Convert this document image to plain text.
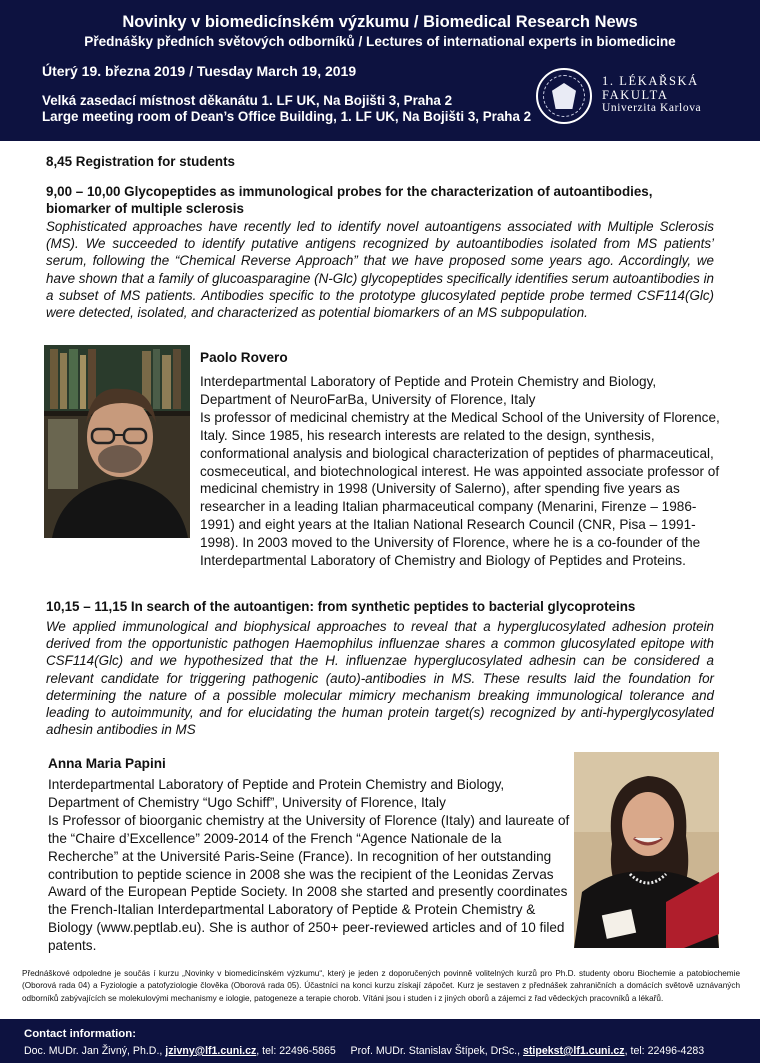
Novinky v biomedicínském výzkumu / Biomedical Research News
Přednášky předních světových odborníků / Lectures of international experts in biomedicine
Úterý 19. března 2019 / Tuesday March 19, 2019
Velká zasedací místnost děkanátu 1. LF UK, Na Bojišti 3, Praha 2
Large meeting room of Dean’s Office Building, 1. LF UK, Na Bojišti 3, Praha 2
1. LÉKAŘSKÁ
FAKULTA
Univerzita Karlova
8,45 Registration for students
9,00 – 10,00 Glycopeptides as immunological probes for the characterization of autoantibodies, biomarker of multiple sclerosis
Sophisticated approaches have recently led to identify novel autoantigens associated with Multiple Sclerosis (MS). We succeeded to identify putative antigens recognized by autoantibodies isolated from MS patients’ serum, following the “Chemical Reverse Approach” that we have proposed some years ago. Accordingly, we have shown that a family of glucoasparagine (N-Glc) glycopeptides specifically identifies serum autoantibodies in a subset of MS patients. Antibodies specific to the prototype glucosylated peptide probe termed CSF114(Glc) were detected, isolated, and characterized as potential biomarkers of an MS subpopulation.
Paolo Rovero
Interdepartmental Laboratory of Peptide and Protein Chemistry and Biology,
Department of NeuroFarBa, University of Florence, Italy
Is professor of medicinal chemistry at the Medical School of the University of Florence, Italy. Since 1985, his research interests are related to the design, synthesis, conformational analysis and biological characterization of peptides of pharmaceutical, cosmeceutical, and biotechnological interest. He was appointed associate professor of medicinal chemistry in 1998 (University of Salerno), after spending five years as researcher in a leading Italian pharmaceutical company (Menarini, Firenze – 1986-1991) and eight years at the Italian National Research Council (CNR, Pisa – 1991-1998). In 2003 moved to the University of Florence, where he is a co-founder of the Interdepartmental Laboratory of Chemistry and Biology of Peptides and Proteins.
10,15 – 11,15 In search of the autoantigen: from synthetic peptides to bacterial glycoproteins
We applied immunological and biophysical approaches to reveal that a hyperglucosylated adhesion protein derived from the opportunistic pathogen Haemophilus influenzae shares a common glucosylated epitope with CSF114(Glc) and we hypothesized that the H. influenzae hyperglucosylated adhesin can be considered a relevant candidate for triggering pathogenic (auto)-antibodies in MS. These results laid the foundation for determining the nature of a possible molecular mimicry mechanism breaking immunological tolerance and leading to autoimmunity, and for elucidating the human protein target(s) recognized by anti-hyperglycosylated adhesin antibodies in MS
Anna Maria Papini
Interdepartmental Laboratory of Peptide and Protein Chemistry and Biology,
Department of Chemistry “Ugo Schiff”, University of Florence, Italy
Is Professor of bioorganic chemistry at the University of Florence (Italy) and laureate of the “Chaire d’Excellence” 2009-2014 of the French “Agence Nationale de la Recherche” at the Université Paris-Seine (France). In recognition of her outstanding contribution to peptide science in 2008 she was the recipient of the Leonidas Zervas Award of the European Peptide Society. In 2008 she started and presently coordinates the French-Italian Interdepartmental Laboratory of Peptide & Protein Chemistry & Biology (www.peptlab.eu). She is author of 250+ peer-reviewed articles and of 10 filed patents.
Přednáškové odpoledne je součás í kurzu „Novinky v biomedicínském výzkumu“, který je jeden z doporučených povinně volitelných kurzů pro Ph.D. studenty oboru Biochemie a patobiochemie (Oborová rada 04) a Fyziologie a patofyziologie člověka (Oborová rada 05). Účastníci na konci kurzu získají zápočet. Kurz je sestaven z přednášek zahraničních a domácích světově uznávaných odborníků zabývajících se molekulovými mechanismy e iologie, patogeneze a terapie chorob. Vítáni jsou i studen i z jiných oborů a zájemci z řad vědeckých pracovníků a lékařů.
Contact information:
Doc. MUDr. Jan Živný, Ph.D., jzivny@lf1.cuni.cz, tel: 22496-5865 Prof. MUDr. Stanislav Štípek, DrSc., stipekst@lf1.cuni.cz, tel: 22496-4283
